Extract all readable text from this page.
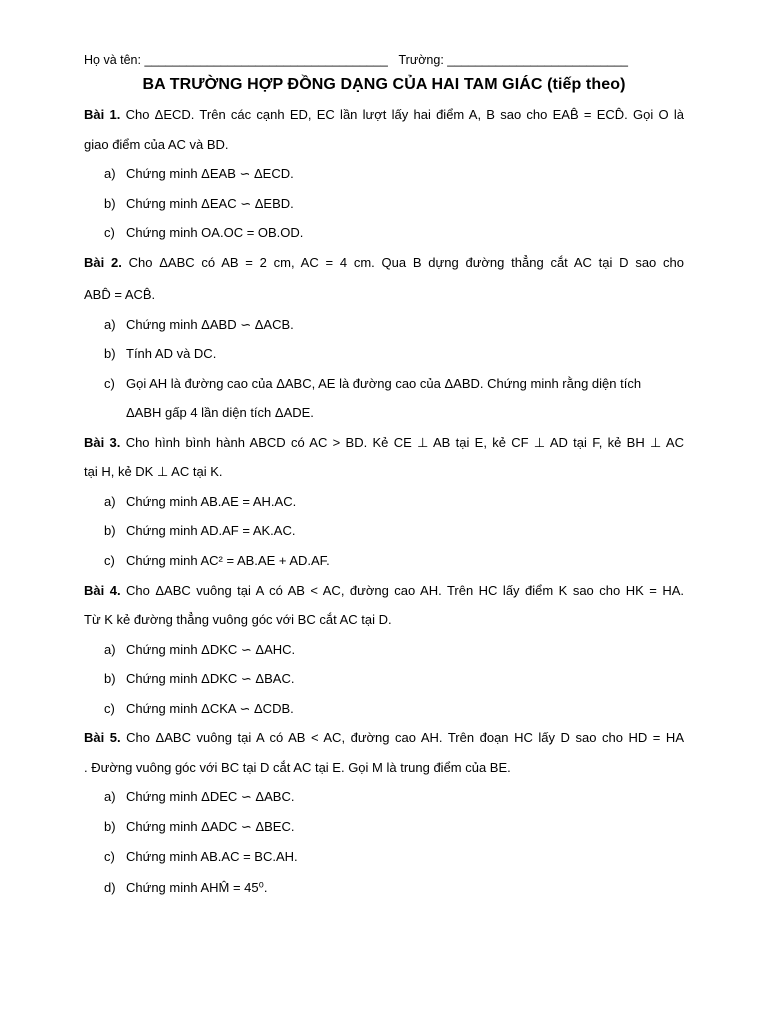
Họ và tên: ___________________________________ Trường: __________________________
BA TRƯỜNG HỢP ĐỒNG DẠNG CỦA HAI TAM GIÁC (tiếp theo)
Bài 1. Cho ΔECD. Trên các cạnh ED, EC lần lượt lấy hai điểm A, B sao cho EAB̂ = ECD̂. Gọi O là
giao điểm của AC và BD.
a) Chứng minh ΔEAB ∽ ΔECD.
b) Chứng minh ΔEAC ∽ ΔEBD.
c) Chứng minh OA.OC = OB.OD.
Bài 2. Cho ΔABC có AB = 2 cm, AC = 4 cm. Qua B dựng đường thẳng cắt AC tại D sao cho
ABD̂ = ACB̂.
a) Chứng minh ΔABD ∽ ΔACB.
b) Tính AD và DC.
c) Gọi AH là đường cao của ΔABC, AE là đường cao của ΔABD. Chứng minh rằng diện tích
ΔABH gấp 4 lần diện tích ΔADE.
Bài 3. Cho hình bình hành ABCD có AC > BD. Kẻ CE ⊥ AB tại E, kẻ CF ⊥ AD tại F, kẻ BH ⊥ AC
tại H, kẻ DK ⊥ AC tại K.
a) Chứng minh AB.AE = AH.AC.
b) Chứng minh AD.AF = AK.AC.
c) Chứng minh AC² = AB.AE + AD.AF.
Bài 4. Cho ΔABC vuông tại A có AB < AC, đường cao AH. Trên HC lấy điểm K sao cho HK = HA.
Từ K kẻ đường thẳng vuông góc với BC cắt AC tại D.
a) Chứng minh ΔDKC ∽ ΔAHC.
b) Chứng minh ΔDKC ∽ ΔBAC.
c) Chứng minh ΔCKA ∽ ΔCDB.
Bài 5. Cho ΔABC vuông tại A có AB < AC, đường cao AH. Trên đoạn HC lấy D sao cho HD = HA
. Đường vuông góc với BC tại D cắt AC tại E. Gọi M là trung điểm của BE.
a) Chứng minh ΔDEC ∽ ΔABC.
b) Chứng minh ΔADC ∽ ΔBEC.
c) Chứng minh AB.AC = BC.AH.
d) Chứng minh AHM̂ = 45⁰.
